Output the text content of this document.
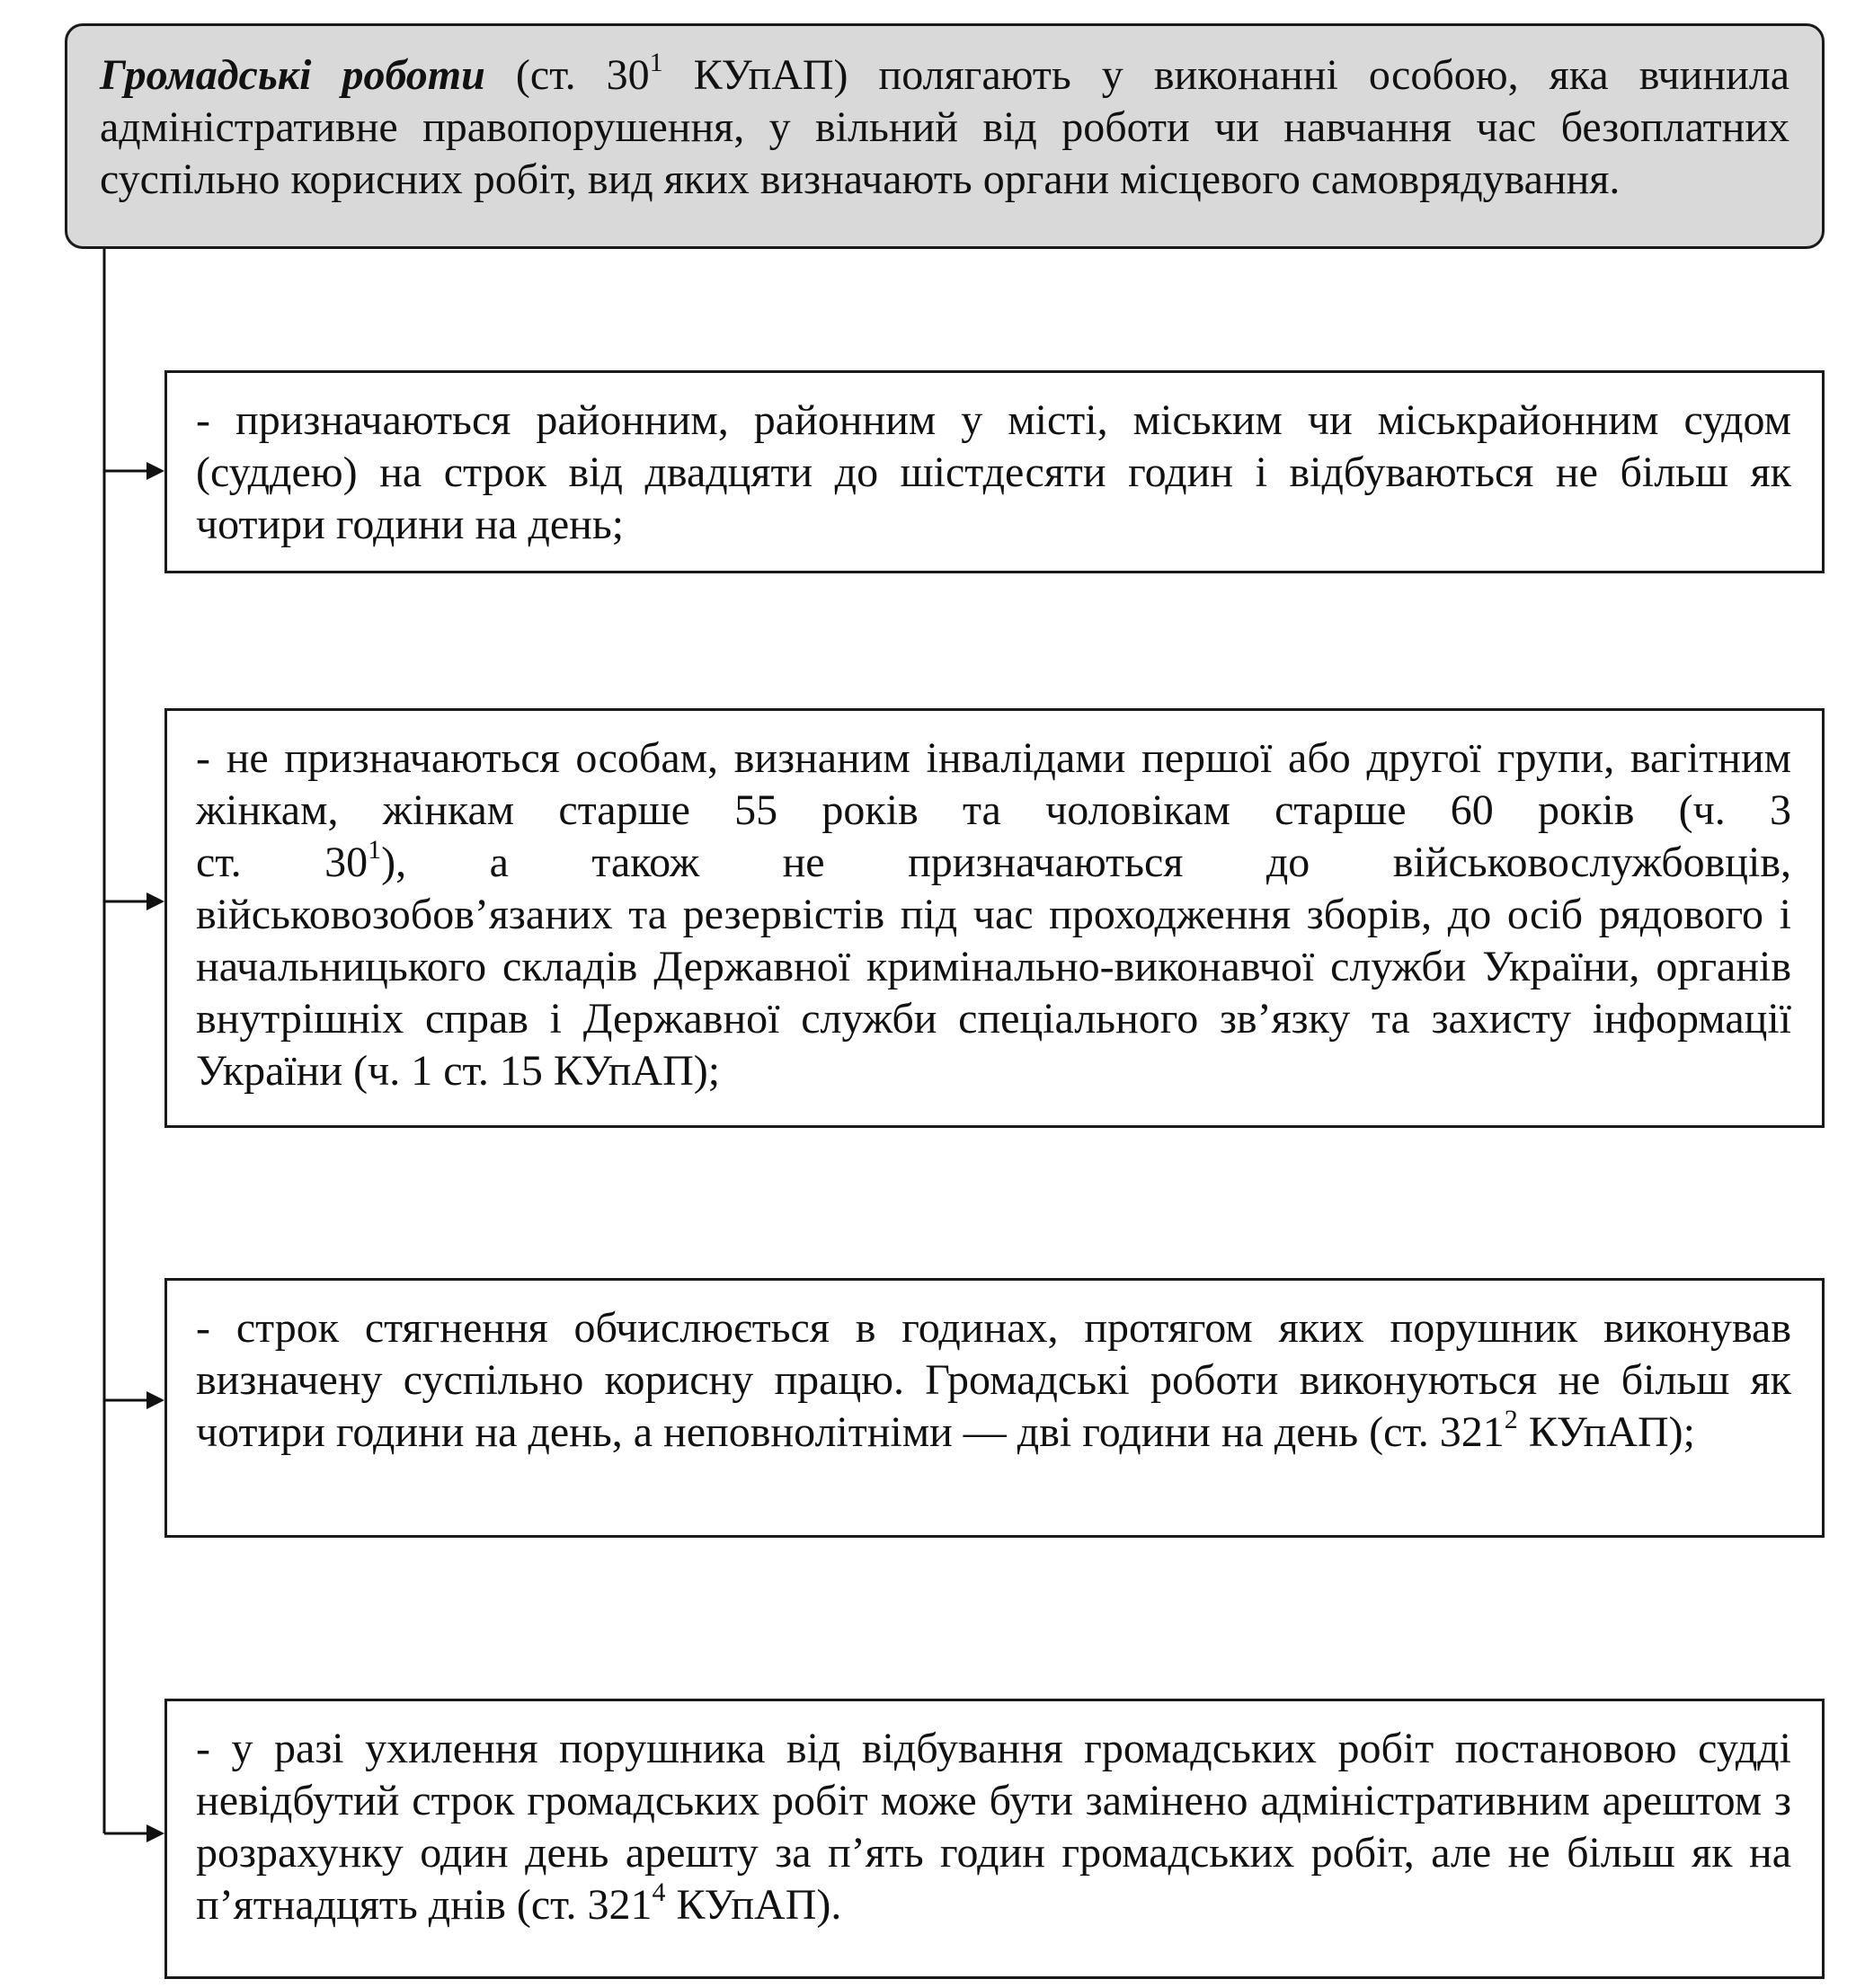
Громадські роботи (ст. $30^1$ КУпАП) полягають у виконанні особою, яка вчинила адміністративне правопорушення, у вільний від роботи чи навчання час безоплатних суспільно корисних робіт, вид яких визначають органи місцевого самоврядування.
- призначаються районним, районним у місті, міським чи міськрайонним судом (суддею) на строк від двадцяти до шістдесяти годин і відбуваються не більш як чотири години на день;
- не призначаються особам, визнаним інвалідами першої або другої групи, вагітним жінкам, жінкам старше 55 років та чоловікам старше 60 років (ч. 3
ст. $30^1$), а також не призначаються до військовослужбовців,
військовозобов’язаних та резервістів під час проходження зборів, до осіб рядового і начальницького складів Державної кримінально-виконавчої служби України, органів внутрішніх справ і Державної служби спеціального зв’язку та захисту інформації України (ч. 1 ст. 15 КУпАП);
- строк стягнення обчислюється в годинах, протягом яких порушник виконував визначену суспільно корисну працю. Громадські роботи виконуються не більш як чотири години на день, а неповнолітніми — дві години на день (ст. $321^2$ КУпАП);
- у разі ухилення порушника від відбування громадських робіт постановою судді невідбутий строк громадських робіт може бути замінено адміністративним арештом з розрахунку один день арешту за п’ять годин громадських робіт, але не більш як на п’ятнадцять днів (ст. $321^4$ КУпАП).
